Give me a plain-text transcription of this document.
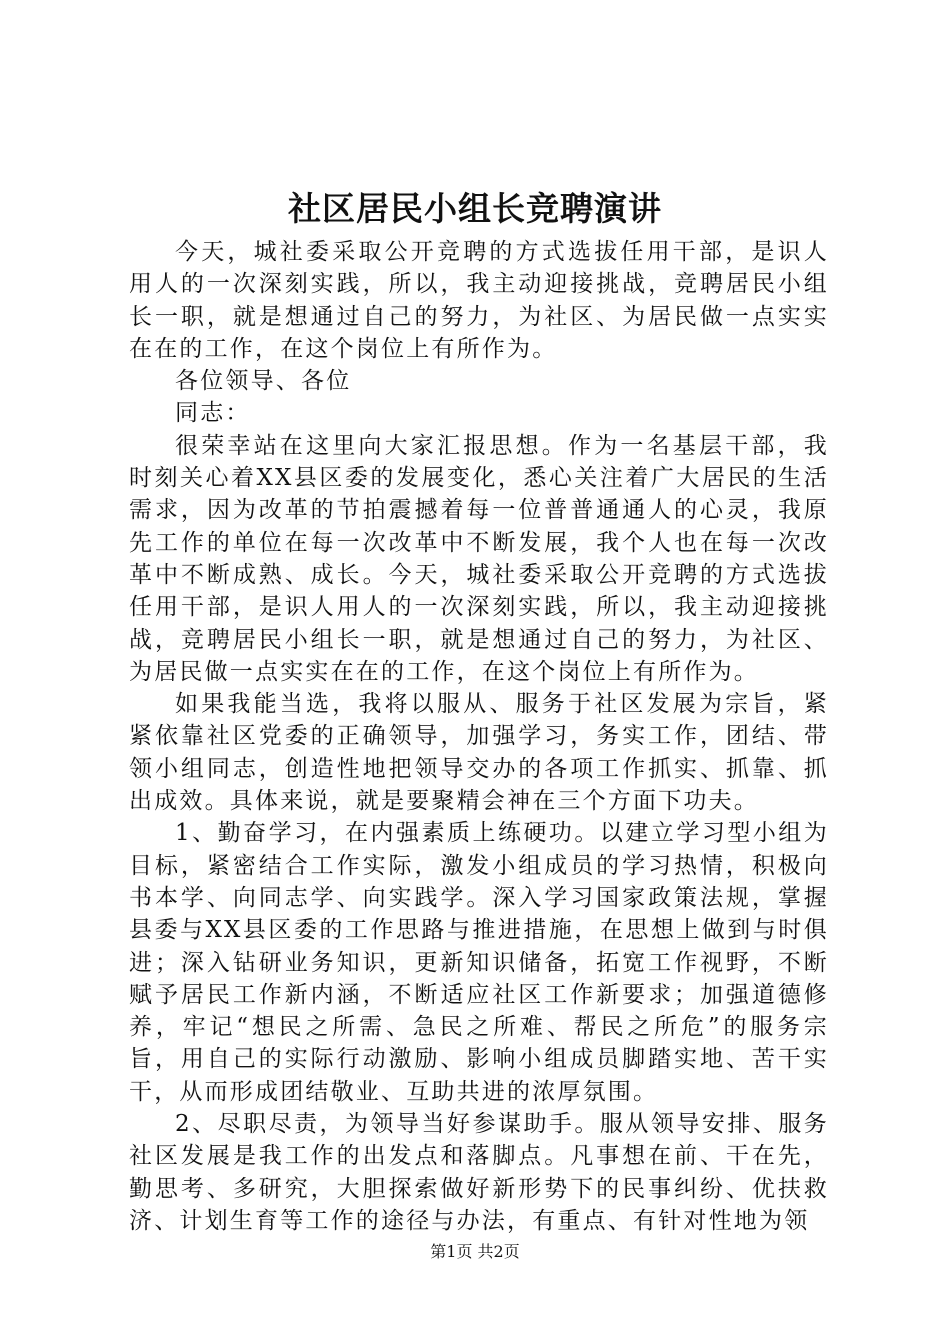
社区居民小组长竞聘演讲

今天，城社委采取公开竞聘的方式选拔任用干部，是识人用人的一次深刻实践，所以，我主动迎接挑战，竞聘居民小组长一职，就是想通过自己的努力，为社区、为居民做一点实实在在的工作，在这个岗位上有所作为。

各位领导、各位

同志：

很荣幸站在这里向大家汇报思想。作为一名基层干部，我时刻关心着XX县区委的发展变化，悉心关注着广大居民的生活需求，因为改革的节拍震撼着每一位普普通通人的心灵，我原先工作的单位在每一次改革中不断发展，我个人也在每一次改革中不断成熟、成长。今天，城社委采取公开竞聘的方式选拔任用干部，是识人用人的一次深刻实践，所以，我主动迎接挑战，竞聘居民小组长一职，就是想通过自己的努力，为社区、为居民做一点实实在在的工作，在这个岗位上有所作为。

如果我能当选，我将以服从、服务于社区发展为宗旨，紧紧依靠社区党委的正确领导，加强学习，务实工作，团结、带领小组同志，创造性地把领导交办的各项工作抓实、抓靠、抓出成效。具体来说，就是要聚精会神在三个方面下功夫。

1、勤奋学习，在内强素质上练硬功。以建立学习型小组为目标，紧密结合工作实际，激发小组成员的学习热情，积极向书本学、向同志学、向实践学。深入学习国家政策法规，掌握县委与XX县区委的工作思路与推进措施，在思想上做到与时俱进；深入钻研业务知识，更新知识储备，拓宽工作视野，不断赋予居民工作新内涵，不断适应社区工作新要求；加强道德修养，牢记“想民之所需、急民之所难、帮民之所危”的服务宗旨，用自己的实际行动激励、影响小组成员脚踏实地、苦干实干，从而形成团结敬业、互助共进的浓厚氛围。

2、尽职尽责，为领导当好参谋助手。服从领导安排、服务社区发展是我工作的出发点和落脚点。凡事想在前、干在先，勤思考、多研究，大胆探索做好新形势下的民事纠纷、优扶救济、计划生育等工作的途径与办法，有重点、有针对性地为领

第1页 共2页
